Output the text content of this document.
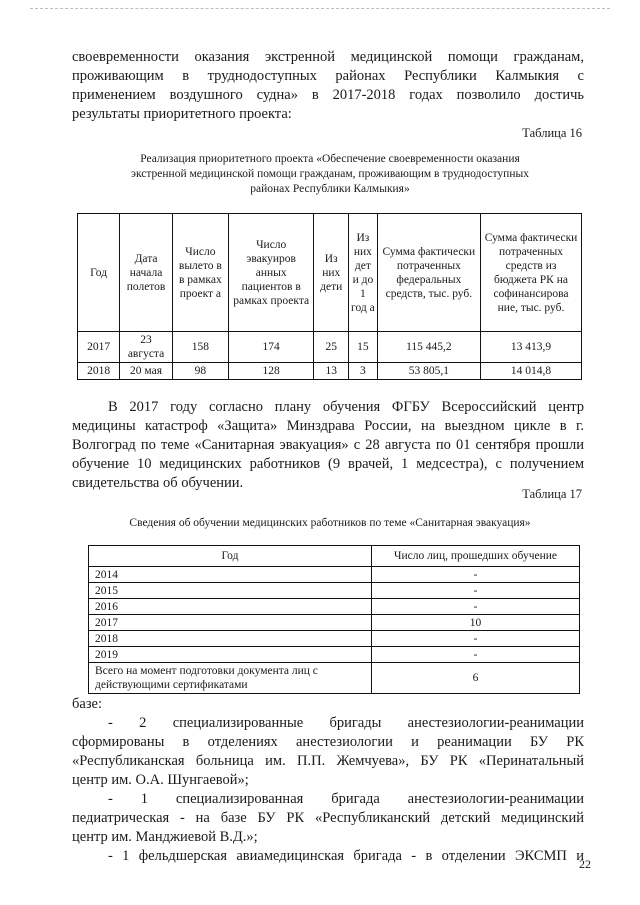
своевременности оказания экстренной медицинской помощи гражданам,
проживающим в труднодоступных районах Республики Калмыкия с
применением воздушного судна» в 2017-2018 годах позволило достичь
результаты приоритетного проекта:

Таблица 16

Реализация приоритетного проекта «Обеспечение своевременности оказания
экстренной медицинской помощи гражданам, проживающим в труднодоступных
районах Республики Калмыкия»

Год	Дата начала полетов	Число вылето в в рамках проект а	Число эвакуиров анных пациентов в рамках проекта	Из них дети	Из них дет и до 1 год а	Сумма фактически потраченных федеральных средств, тыс. руб.	Сумма фактически потраченных средств из бюджета РК на софинансирова ние, тыс. руб.
2017	23 августа	158	174	25	15	115 445,2	13 413,9
2018	20 мая	98	128	13	3	53 805,1	14 014,8

В 2017 году согласно плану обучения ФГБУ Всероссийский центр
медицины катастроф «Защита» Минздрава России, на выездном цикле в г.
Волгоград по теме «Санитарная эвакуация» с 28 августа по 01 сентября прошли
обучение 10 медицинских работников (9 врачей, 1 медсестра), с получением
свидетельства об обучении.

Таблица 17

Сведения об обучении медицинских работников по теме «Санитарная эвакуация»

Год	Число лиц, прошедших обучение
2014	-
2015	-
2016	-
2017	10
2018	-
2019	-
Всего на момент подготовки документа лиц с действующими сертификатами	6

базе:
- 2 специализированные бригады анестезиологии-реанимации
сформированы в отделениях анестезиологии и реанимации БУ РК
«Республиканская больница им. П.П. Жемчуева», БУ РК «Перинатальный
центр им. О.А. Шунгаевой»;
- 1 специализированная бригада анестезиологии-реанимации
педиатрическая - на базе БУ РК «Республиканский детский медицинский
центр им. Манджиевой В.Д.»;
- 1 фельдшерская авиамедицинская бригада - в отделении ЭКСМП и

22
